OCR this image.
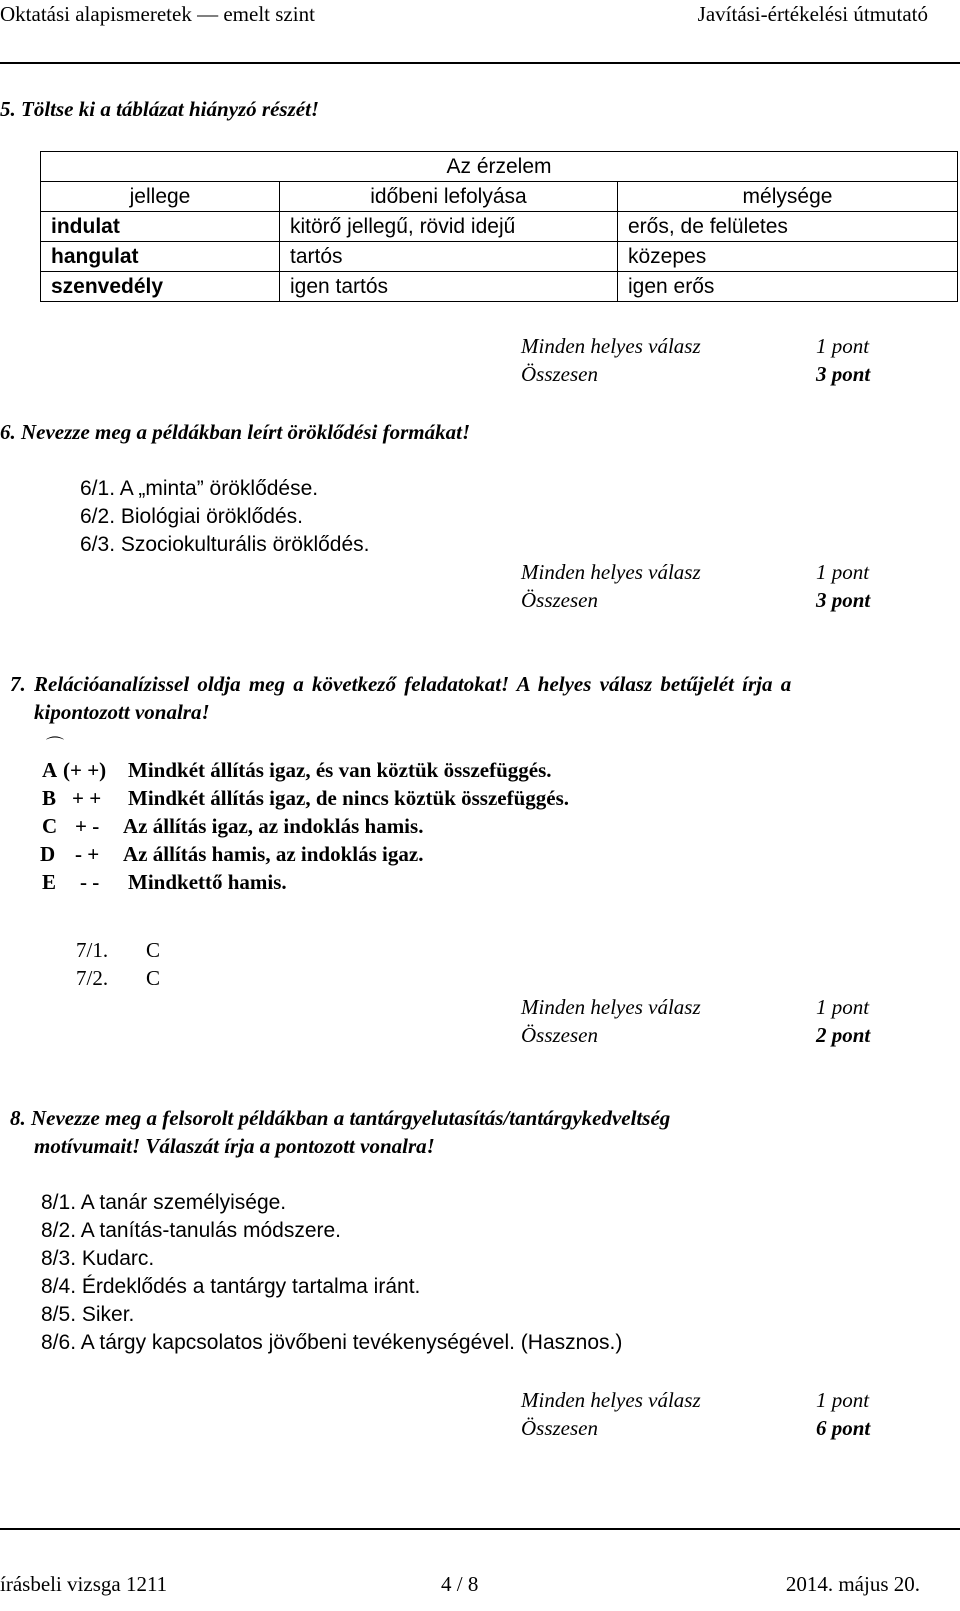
Oktatási alapismeretek — emelt szint	Javítási-értékelési útmutató
5. Töltse ki a táblázat hiányzó részét!
Az érzelem		
jellege	időbeni lefolyása	mélysége
indulat	kitörő jellegű, rövid idejű	erős, de felületes
hangulat	tartós	közepes
szenvedély	igen tartós	igen erős
Minden helyes válasz	1 pont
Összesen	3 pont
6. Nevezze meg a példákban leírt öröklődési formákat!
6/1. A „minta” öröklődése.
6/2. Biológiai öröklődés.
6/3. Szociokulturális öröklődés.
Minden helyes válasz	1 pont
Összesen	3 pont
7. Relációanalízissel oldja meg a következő feladatokat! A helyes válasz betűjelét írja a
kipontozott vonalra!
⌒
A (+ +) Mindkét állítás igaz, és van köztük összefüggés.
B + + Mindkét állítás igaz, de nincs köztük összefüggés.
C + - Az állítás igaz, az indoklás hamis.
D - + Az állítás hamis, az indoklás igaz.
E - - Mindkettő hamis.
7/1. C
7/2. C
Minden helyes válasz	1 pont
Összesen	2 pont
8. Nevezze meg a felsorolt példákban a tantárgyelutasítás/tantárgykedveltség
motívumait! Válaszát írja a pontozott vonalra!
8/1. A tanár személyisége.
8/2. A tanítás-tanulás módszere.
8/3. Kudarc.
8/4. Érdeklődés a tantárgy tartalma iránt.
8/5. Siker.
8/6. A tárgy kapcsolatos jövőbeni tevékenységével. (Hasznos.)
Minden helyes válasz	1 pont
Összesen	6 pont
írásbeli vizsga 1211	4 / 8	2014. május 20.
